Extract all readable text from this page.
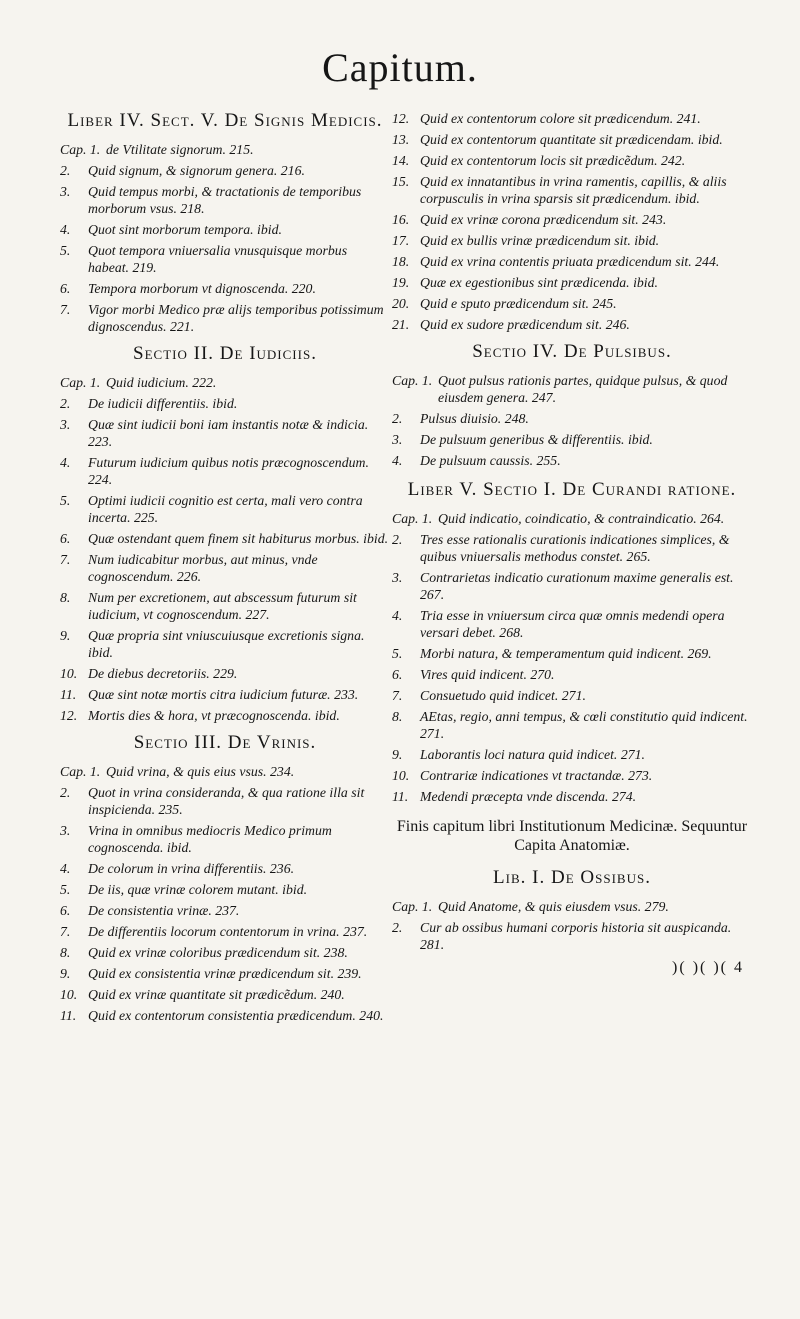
Capitum.
Liber IV. Sect. V. De Signis Medicis.
Cap. 1. de Vtilitate signorum. 215.
2.	Quid signum, & signorum genera. 216.
3.	Quid tempus morbi, & tractationis de temporibus morborum vsus. 218.
4.	Quot sint morborum tempora. ibid.
5.	Quot tempora vniuersalia vnusquisque morbus habeat. 219.
6.	Tempora morborum vt dignoscenda. 220.
7.	Vigor morbi Medico præ alijs temporibus potissimum dignoscendus. 221.
Sectio II. De Iudiciis.
Cap. 1. Quid iudicium. 222.
2.	De iudicii differentiis. ibid.
3.	Quæ sint iudicii boni iam instantis notæ & indicia. 223.
4.	Futurum iudicium quibus notis præcognoscendum. 224.
5.	Optimi iudicii cognitio est certa, mali vero contra incerta. 225.
6.	Quæ ostendant quem finem sit habiturus morbus. ibid.
7.	Num iudicabitur morbus, aut minus, vnde cognoscendum. 226.
8.	Num per excretionem, aut abscessum futurum sit iudicium, vt cognoscendum. 227.
9.	Quæ propria sint vniuscuiusque excretionis signa. ibid.
10. De diebus decretoriis. 229.
11. Quæ sint notæ mortis citra iudicium futuræ. 233.
12. Mortis dies & hora, vt præcognoscenda. ibid.
Sectio III. De Vrinis.
Cap. 1. Quid vrina, & quis eius vsus. 234.
2.	Quot in vrina consideranda, & qua ratione illa sit inspicienda. 235.
3.	Vrina in omnibus mediocris Medico primum cognoscenda. ibid.
4.	De colorum in vrina differentiis. 236.
5.	De iis, quæ vrinæ colorem mutant. ibid.
6.	De consistentia vrinæ. 237.
7.	De differentiis locorum contentorum in vrina. 237.
8.	Quid ex vrinæ coloribus prædicendum sit. 238.
9.	Quid ex consistentia vrinæ prædicendum sit. 239.
10. Quid ex vrinæ quantitate sit prædicẽdum. 240.
11. Quid ex contentorum consistentia prædicendum. 240.
12. Quid ex contentorum colore sit prædicendum. 241.
13. Quid ex contentorum quantitate sit prædicendam. ibid.
14. Quid ex contentorum locis sit prædicẽdum. 242.
15. Quid ex innatantibus in vrina ramentis, capillis, & aliis corpusculis in vrina sparsis sit prædicendum. ibid.
16. Quid ex vrinæ corona prædicendum sit. 243.
17. Quid ex bullis vrinæ prædicendum sit. ibid.
18. Quid ex vrina contentis priuata prædicendum sit. 244.
19. Quæ ex egestionibus sint prædicenda. ibid.
20. Quid e sputo prædicendum sit. 245.
21. Quid ex sudore prædicendum sit. 246.
Sectio IV. De Pulsibus.
Cap. 1. Quot pulsus rationis partes, quidque pulsus, & quod eiusdem genera. 247.
2.	Pulsus diuisio. 248.
3.	De pulsuum generibus & differentiis. ibid.
4.	De pulsuum caussis. 255.
Liber V. Sectio I. De Curandi ratione.
Cap. 1. Quid indicatio, coindicatio, & contraindicatio. 264.
2.	Tres esse rationalis curationis indicationes simplices, & quibus vniuersalis methodus constet. 265.
3.	Contrarietas indicatio curationum maxime generalis est. 267.
4.	Tria esse in vniuersum circa quæ omnis medendi opera versari debet. 268.
5.	Morbi natura, & temperamentum quid indicent. 269.
6.	Vires quid indicent. 270.
7.	Consuetudo quid indicet. 271.
8.	AEtas, regio, anni tempus, & cœli constitutio quid indicent. 271.
9.	Laborantis loci natura quid indicet. 271.
10. Contrariæ indicationes vt tractandæ. 273.
11. Medendi præcepta vnde discenda. 274.
Finis capitum libri Institutionum Medicinæ. Sequuntur Capita Anatomiæ.
Lib. I. De Ossibus.
Cap. 1. Quid Anatome, & quis eiusdem vsus. 279.
2.	Cur ab ossibus humani corporis historia sit auspicanda. 281.
)( )( )( 4
